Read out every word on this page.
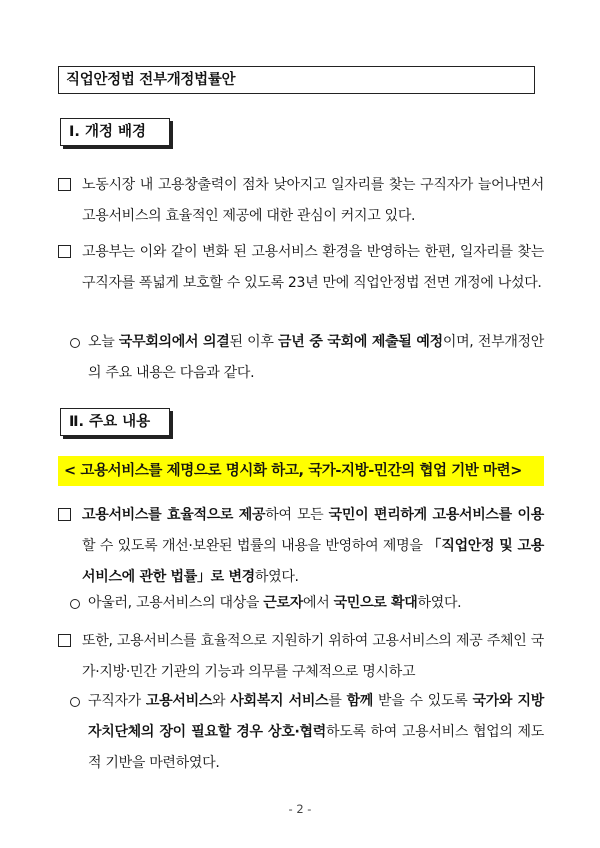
직업안정법 전부개정법률안
Ⅰ. 개정 배경
노동시장 내 고용창출력이 점차 낮아지고 일자리를 찾는 구직자가 늘어나면서 고용서비스의 효율적인 제공에 대한 관심이 커지고 있다.
고용부는 이와 같이 변화 된 고용서비스 환경을 반영하는 한편, 일자리를 찾는 구직자를 폭넓게 보호할 수 있도록 23년 만에 직업안정법 전면 개정에 나섰다.
오늘 국무회의에서 의결된 이후 금년 중 국회에 제출될 예정이며, 전부개정안의 주요 내용은 다음과 같다.
Ⅱ. 주요 내용
< 고용서비스를 제명으로 명시화 하고, 국가-지방-민간의 협업 기반 마련>
고용서비스를 효율적으로 제공하여 모든 국민이 편리하게 고용서비스를 이용할 수 있도록 개선·보완된 법률의 내용을 반영하여 제명을 「직업안정 및 고용서비스에 관한 법률」로 변경하였다.
아울러, 고용서비스의 대상을 근로자에서 국민으로 확대하였다.
또한, 고용서비스를 효율적으로 지원하기 위하여 고용서비스의 제공 주체인 국가·지방·민간 기관의 기능과 의무를 구체적으로 명시하고
구직자가 고용서비스와 사회복지 서비스를 함께 받을 수 있도록 국가와 지방자치단체의 장이 필요할 경우 상호·협력하도록 하여 고용서비스 협업의 제도적 기반을 마련하였다.
- 2 -
